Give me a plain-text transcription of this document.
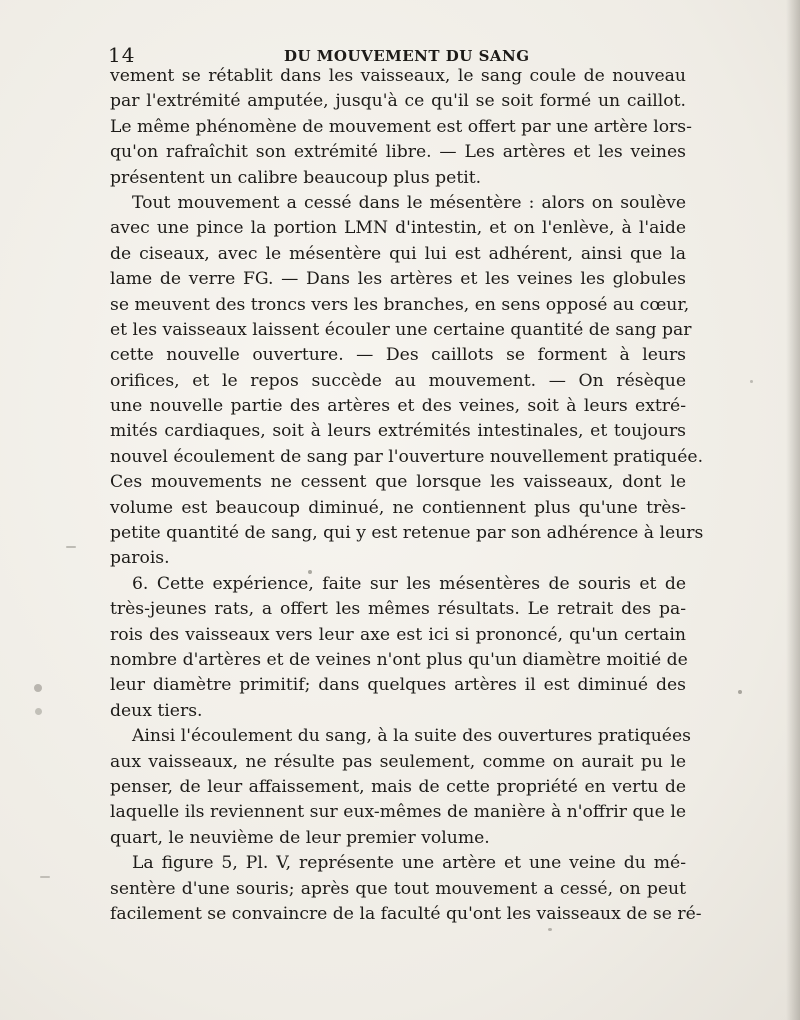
14	DU MOUVEMENT DU SANG
vement se rétablit dans les vaisseaux, le sang coule de nouveau
par l'extrémité amputée, jusqu'à ce qu'il se soit formé un caillot.
Le même phénomène de mouvement est offert par une artère lors-
qu'on rafraîchit son extrémité libre. — Les artères et les veines
présentent un calibre beaucoup plus petit.
Tout mouvement a cessé dans le mésentère : alors on soulève
avec une pince la portion LMN d'intestin, et on l'enlève, à l'aide
de ciseaux, avec le mésentère qui lui est adhérent, ainsi que la
lame de verre FG. — Dans les artères et les veines les globules
se meuvent des troncs vers les branches, en sens opposé au cœur,
et les vaisseaux laissent écouler une certaine quantité de sang par
cette nouvelle ouverture. — Des caillots se forment à leurs
orifices, et le repos succède au mouvement. — On résèque
une nouvelle partie des artères et des veines, soit à leurs extré-
mités cardiaques, soit à leurs extrémités intestinales, et toujours
nouvel écoulement de sang par l'ouverture nouvellement pratiquée.
Ces mouvements ne cessent que lorsque les vaisseaux, dont le
volume est beaucoup diminué, ne contiennent plus qu'une très-
petite quantité de sang, qui y est retenue par son adhérence à leurs
parois.
6. Cette expérience, faite sur les mésentères de souris et de
très-jeunes rats, a offert les mêmes résultats. Le retrait des pa-
rois des vaisseaux vers leur axe est ici si prononcé, qu'un certain
nombre d'artères et de veines n'ont plus qu'un diamètre moitié de
leur diamètre primitif; dans quelques artères il est diminué des
deux tiers.
Ainsi l'écoulement du sang, à la suite des ouvertures pratiquées
aux vaisseaux, ne résulte pas seulement, comme on aurait pu le
penser, de leur affaissement, mais de cette propriété en vertu de
laquelle ils reviennent sur eux-mêmes de manière à n'offrir que le
quart, le neuvième de leur premier volume.
La figure 5, Pl. V, représente une artère et une veine du mé-
sentère d'une souris; après que tout mouvement a cessé, on peut
facilement se convaincre de la faculté qu'ont les vaisseaux de se ré-
